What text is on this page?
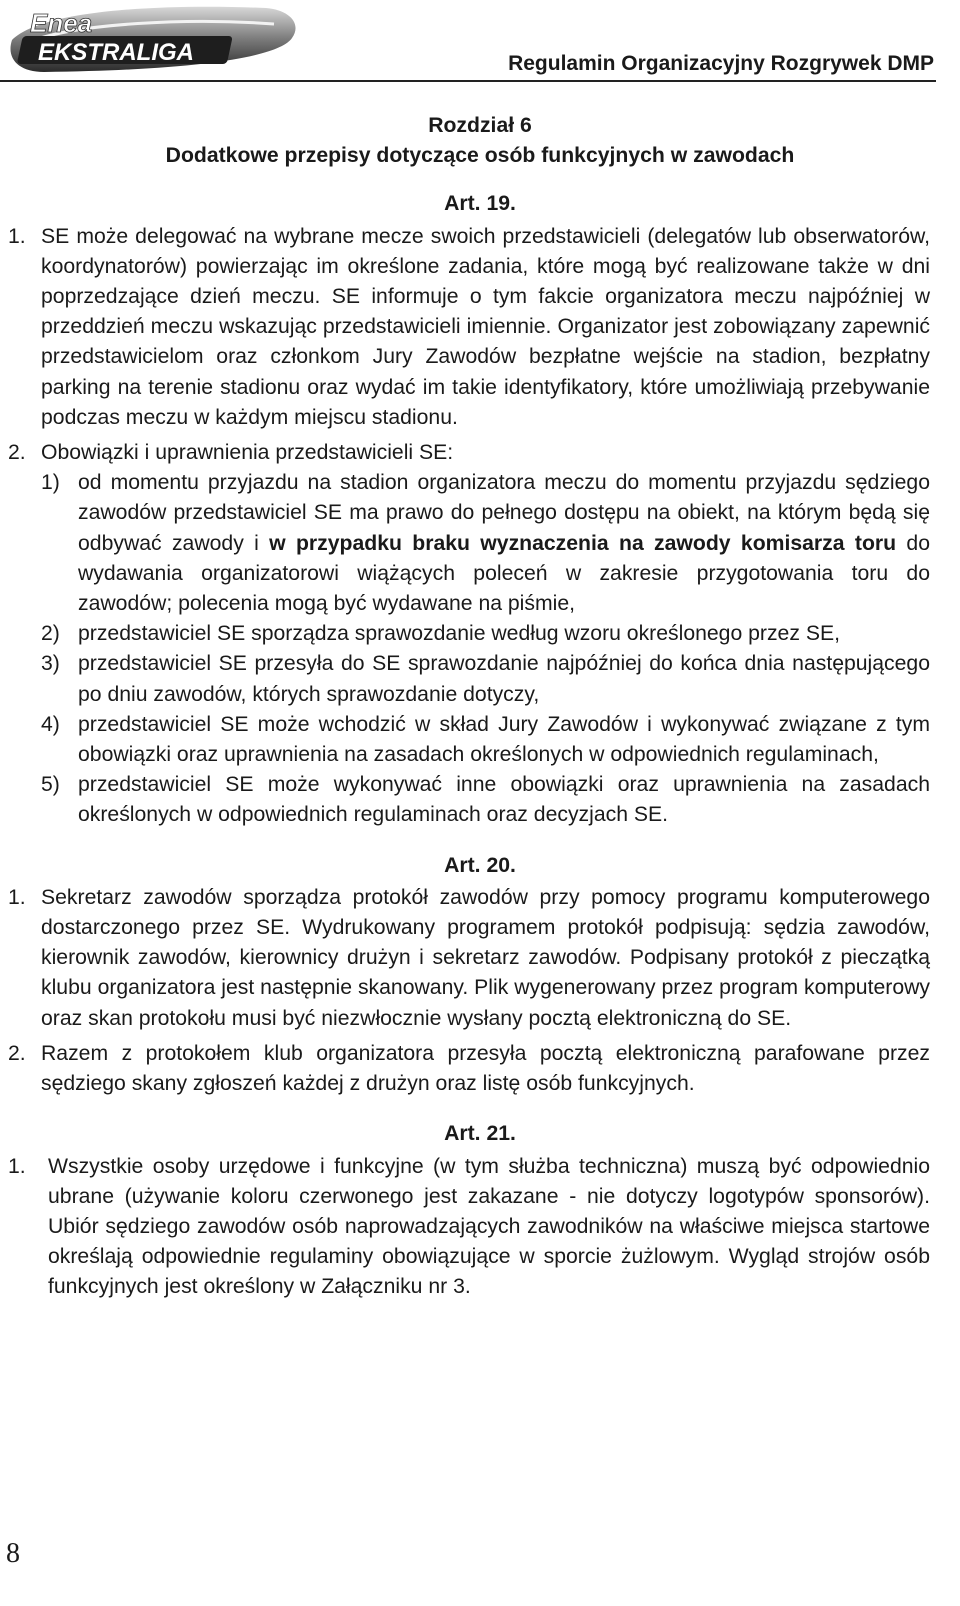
Enea
EKSTRALIGA	Regulamin Organizacyjny Rozgrywek DMP
Rozdział 6
Dodatkowe przepisy dotyczące osób funkcyjnych w zawodach
Art. 19.
1. SE może delegować na wybrane mecze swoich przedstawicieli (delegatów lub obserwatorów, koordynatorów) powierzając im określone zadania, które mogą być realizowane także w dni poprzedzające dzień meczu. SE informuje o tym fakcie organizatora meczu najpóźniej w przeddzień meczu wskazując przedstawicieli imiennie. Organizator jest zobowiązany zapewnić przedstawicielom oraz członkom Jury Zawodów bezpłatne wejście na stadion, bezpłatny parking na terenie stadionu oraz wydać im takie identyfikatory, które umożliwiają przebywanie podczas meczu w każdym miejscu stadionu.
2. Obowiązki i uprawnienia przedstawicieli SE:
1) od momentu przyjazdu na stadion organizatora meczu do momentu przyjazdu sędziego zawodów przedstawiciel SE ma prawo do pełnego dostępu na obiekt, na którym będą się odbywać zawody i w przypadku braku wyznaczenia na zawody komisarza toru do wydawania organizatorowi wiążących poleceń w zakresie przygotowania toru do zawodów; polecenia mogą być wydawane na piśmie,
2) przedstawiciel SE sporządza sprawozdanie według wzoru określonego przez SE,
3) przedstawiciel SE przesyła do SE sprawozdanie najpóźniej do końca dnia następującego po dniu zawodów, których sprawozdanie dotyczy,
4) przedstawiciel SE może wchodzić w skład Jury Zawodów i wykonywać związane z tym obowiązki oraz uprawnienia na zasadach określonych w odpowiednich regulaminach,
5) przedstawiciel SE może wykonywać inne obowiązki oraz uprawnienia na zasadach określonych w odpowiednich regulaminach oraz decyzjach SE.
Art. 20.
1. Sekretarz zawodów sporządza protokół zawodów przy pomocy programu komputerowego dostarczonego przez SE. Wydrukowany programem protokół podpisują: sędzia zawodów, kierownik zawodów, kierownicy drużyn i sekretarz zawodów. Podpisany protokół z pieczątką klubu organizatora jest następnie skanowany. Plik wygenerowany przez program komputerowy oraz skan protokołu musi być niezwłocznie wysłany pocztą elektroniczną do SE.
2. Razem z protokołem klub organizatora przesyła pocztą elektroniczną parafowane przez sędziego skany zgłoszeń każdej z drużyn oraz listę osób funkcyjnych.
Art. 21.
1.	Wszystkie osoby urzędowe i funkcyjne (w tym służba techniczna) muszą być odpowiednio ubrane (używanie koloru czerwonego jest zakazane - nie dotyczy logotypów sponsorów). Ubiór sędziego zawodów osób naprowadzających zawodników na właściwe miejsca startowe określają odpowiednie regulaminy obowiązujące w sporcie żużlowym. Wygląd strojów osób funkcyjnych jest określony w Załączniku nr 3.
8
